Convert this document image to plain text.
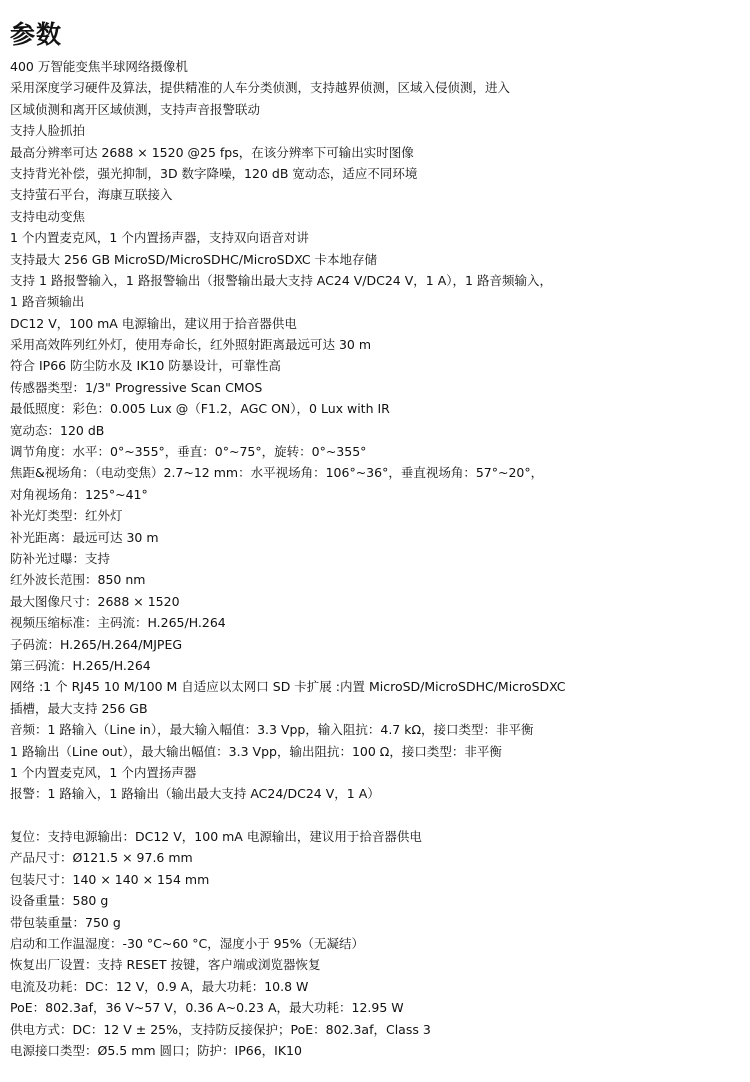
参数
400 万智能变焦半球网络摄像机
采用深度学习硬件及算法，提供精准的人车分类侦测，支持越界侦测，区域入侵侦测，进入
区域侦测和离开区域侦测，支持声音报警联动
支持人脸抓拍
最高分辨率可达 2688 × 1520 @25 fps，在该分辨率下可输出实时图像
支持背光补偿，强光抑制，3D 数字降噪，120 dB 宽动态，适应不同环境
支持萤石平台，海康互联接入
支持电动变焦
1 个内置麦克风，1 个内置扬声器，支持双向语音对讲
支持最大 256 GB MicroSD/MicroSDHC/MicroSDXC 卡本地存储
支持 1 路报警输入，1 路报警输出（报警输出最大支持 AC24 V/DC24 V，1 A），1 路音频输入，
1 路音频输出
DC12 V，100 mA 电源输出，建议用于拾音器供电
采用高效阵列红外灯，使用寿命长，红外照射距离最远可达 30 m
符合 IP66 防尘防水及 IK10 防暴设计，可靠性高
传感器类型：1/3" Progressive Scan CMOS
最低照度：彩色：0.005 Lux @（F1.2，AGC ON），0 Lux with IR
宽动态：120 dB
调节角度：水平：0°~355°，垂直：0°~75°，旋转：0°~355°
焦距&视场角：（电动变焦）2.7~12 mm：水平视场角：106°~36°，垂直视场角：57°~20°，
对角视场角：125°~41°
补光灯类型：红外灯
补光距离：最远可达 30 m
防补光过曝：支持
红外波长范围：850 nm
最大图像尺寸：2688 × 1520
视频压缩标准：主码流：H.265/H.264
子码流：H.265/H.264/MJPEG
第三码流：H.265/H.264
网络 :1 个 RJ45 10 M/100 M 自适应以太网口 SD 卡扩展 :内置 MicroSD/MicroSDHC/MicroSDXC
插槽，最大支持 256 GB
音频：1 路输入（Line in），最大输入幅值：3.3 Vpp，输入阻抗：4.7 kΩ，接口类型：非平衡
1 路输出（Line out），最大输出幅值：3.3 Vpp，输出阻抗：100 Ω，接口类型：非平衡
1 个内置麦克风，1 个内置扬声器
报警：1 路输入，1 路输出（输出最大支持 AC24/DC24 V，1 A）
复位：支持电源输出：DC12 V，100 mA 电源输出，建议用于拾音器供电
产品尺寸：Ø121.5 × 97.6 mm
包装尺寸：140 × 140 × 154 mm
设备重量：580 g
带包装重量：750 g
启动和工作温湿度：-30 °C~60 °C，湿度小于 95%（无凝结）
恢复出厂设置：支持 RESET 按键，客户端或浏览器恢复
电流及功耗：DC：12 V，0.9 A，最大功耗：10.8 W
PoE：802.3af，36 V~57 V，0.36 A~0.23 A，最大功耗：12.95 W
供电方式：DC：12 V ± 25%，支持防反接保护；PoE：802.3af，Class 3
电源接口类型：Ø5.5 mm 圆口；防护：IP66，IK10
